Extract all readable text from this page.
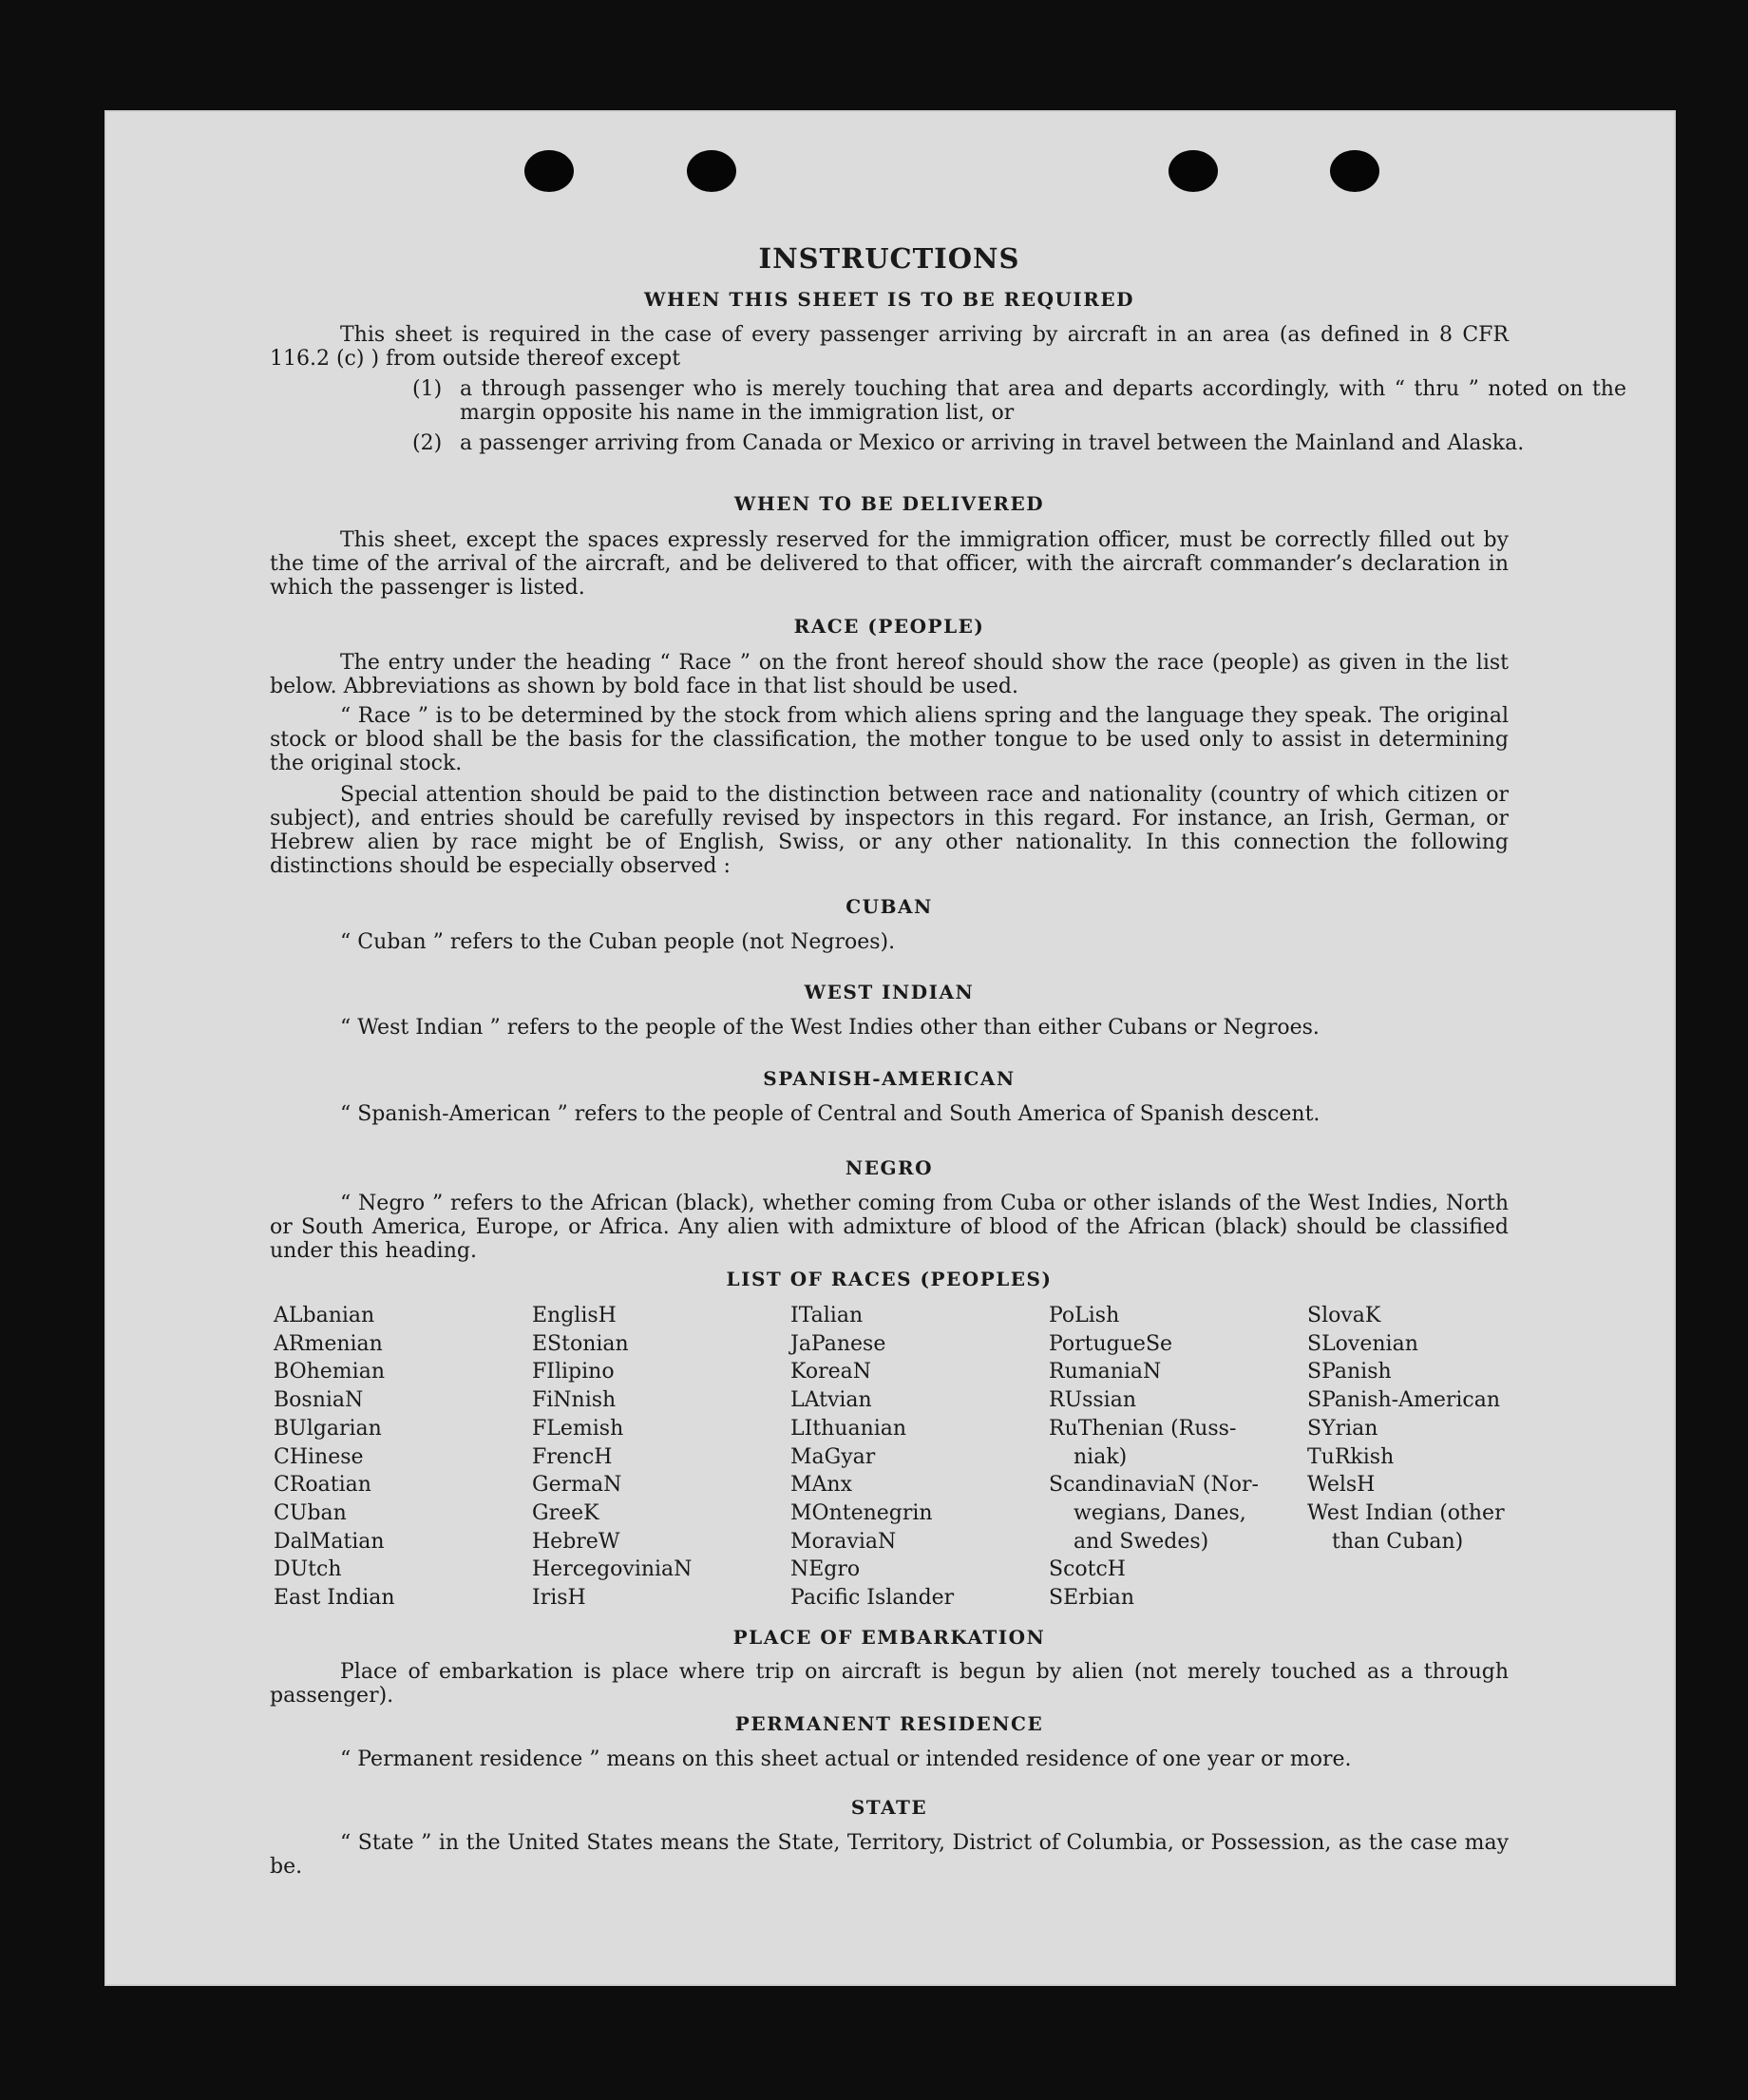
INSTRUCTIONS

WHEN THIS SHEET IS TO BE REQUIRED

This sheet is required in the case of every passenger arriving by aircraft in an area (as defined in 8 CFR 116.2 (c) ) from outside thereof except

(1) a through passenger who is merely touching that area and departs accordingly, with “ thru ” noted on the margin opposite his name in the immigration list, or
(2) a passenger arriving from Canada or Mexico or arriving in travel between the Mainland and Alaska.

WHEN TO BE DELIVERED

This sheet, except the spaces expressly reserved for the immigration officer, must be correctly filled out by the time of the arrival of the aircraft, and be delivered to that officer, with the aircraft commander’s declaration in which the passenger is listed.

RACE (PEOPLE)

The entry under the heading “ Race ” on the front hereof should show the race (people) as given in the list below. Abbreviations as shown by bold face in that list should be used.

“ Race ” is to be determined by the stock from which aliens spring and the language they speak. The original stock or blood shall be the basis for the classification, the mother tongue to be used only to assist in determining the original stock.

Special attention should be paid to the distinction between race and nationality (country of which citizen or subject), and entries should be carefully revised by inspectors in this regard. For instance, an Irish, German, or Hebrew alien by race might be of English, Swiss, or any other nationality. In this connection the following distinctions should be especially observed :

CUBAN

“ Cuban ” refers to the Cuban people (not Negroes).

WEST INDIAN

“ West Indian ” refers to the people of the West Indies other than either Cubans or Negroes.

SPANISH-AMERICAN

“ Spanish-American ” refers to the people of Central and South America of Spanish descent.

NEGRO

“ Negro ” refers to the African (black), whether coming from Cuba or other islands of the West Indies, North or South America, Europe, or Africa. Any alien with admixture of blood of the African (black) should be classified under this heading.

LIST OF RACES (PEOPLES)

ALbanian
ARmenian
BOhemian
BosniaN
BUlgarian
CHinese
CRoatian
CUban
DalMatian
DUtch
East Indian
EnglisH
EStonian
FIlipino
FiNnish
FLemish
FrencH
GermaN
GreeK
HebreW
HercegoviniaN
IrisH
ITalian
JaPanese
KoreaN
LAtvian
LIthuanian
MaGyar
MAnx
MOntenegrin
MoraviaN
NEgro
Pacific Islander
PoLish
PortugueSe
RumaniaN
RUssian
RuThenian (Russ-
niak)
ScandinaviaN (Nor-
wegians, Danes,
and Swedes)
ScotcH
SErbian
SlovaK
SLovenian
SPanish
SPanish-American
SYrian
TuRkish
WelsH
West Indian (other
than Cuban)

PLACE OF EMBARKATION

Place of embarkation is place where trip on aircraft is begun by alien (not merely touched as a through passenger).

PERMANENT RESIDENCE

“ Permanent residence ” means on this sheet actual or intended residence of one year or more.

STATE

“ State ” in the United States means the State, Territory, District of Columbia, or Possession, as the case may be.
